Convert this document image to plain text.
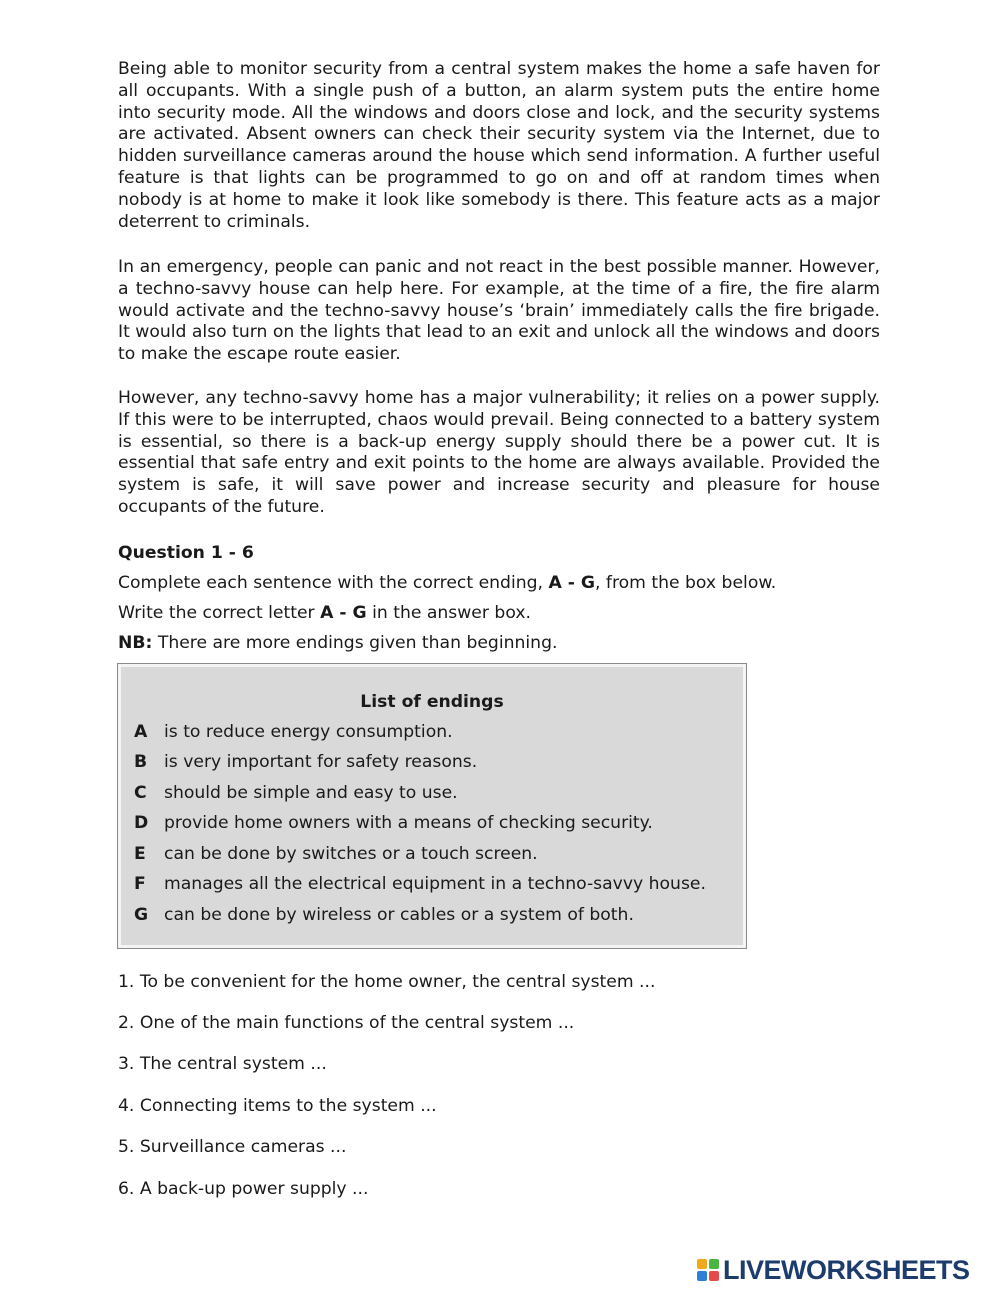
Being able to monitor security from a central system makes the home a safe haven for all occupants. With a single push of a button, an alarm system puts the entire home into security mode. All the windows and doors close and lock, and the security systems are activated. Absent owners can check their security system via the Internet, due to hidden surveillance cameras around the house which send information. A further useful feature is that lights can be programmed to go on and off at random times when nobody is at home to make it look like somebody is there. This feature acts as a major deterrent to criminals.

In an emergency, people can panic and not react in the best possible manner. However, a techno-savvy house can help here. For example, at the time of a fire, the fire alarm would activate and the techno-savvy house’s ‘brain’ immediately calls the fire brigade. It would also turn on the lights that lead to an exit and unlock all the windows and doors to make the escape route easier.

However, any techno-savvy home has a major vulnerability; it relies on a power supply. If this were to be interrupted, chaos would prevail. Being connected to a battery system is essential, so there is a back-up energy supply should there be a power cut. It is essential that safe entry and exit points to the home are always available. Provided the system is safe, it will save power and increase security and pleasure for house occupants of the future.

Question 1 - 6

Complete each sentence with the correct ending, A - G, from the box below.

Write the correct letter A - G in the answer box.

NB: There are more endings given than beginning.

List of endings
A is to reduce energy consumption.
B is very important for safety reasons.
C should be simple and easy to use.
D provide home owners with a means of checking security.
E can be done by switches or a touch screen.
F manages all the electrical equipment in a techno-savvy house.
G can be done by wireless or cables or a system of both.
1. To be convenient for the home owner, the central system ...
2. One of the main functions of the central system ...
3. The central system ...
4. Connecting items to the system ...
5. Surveillance cameras ...
6. A back-up power supply ...
LIVEWORKSHEETS
